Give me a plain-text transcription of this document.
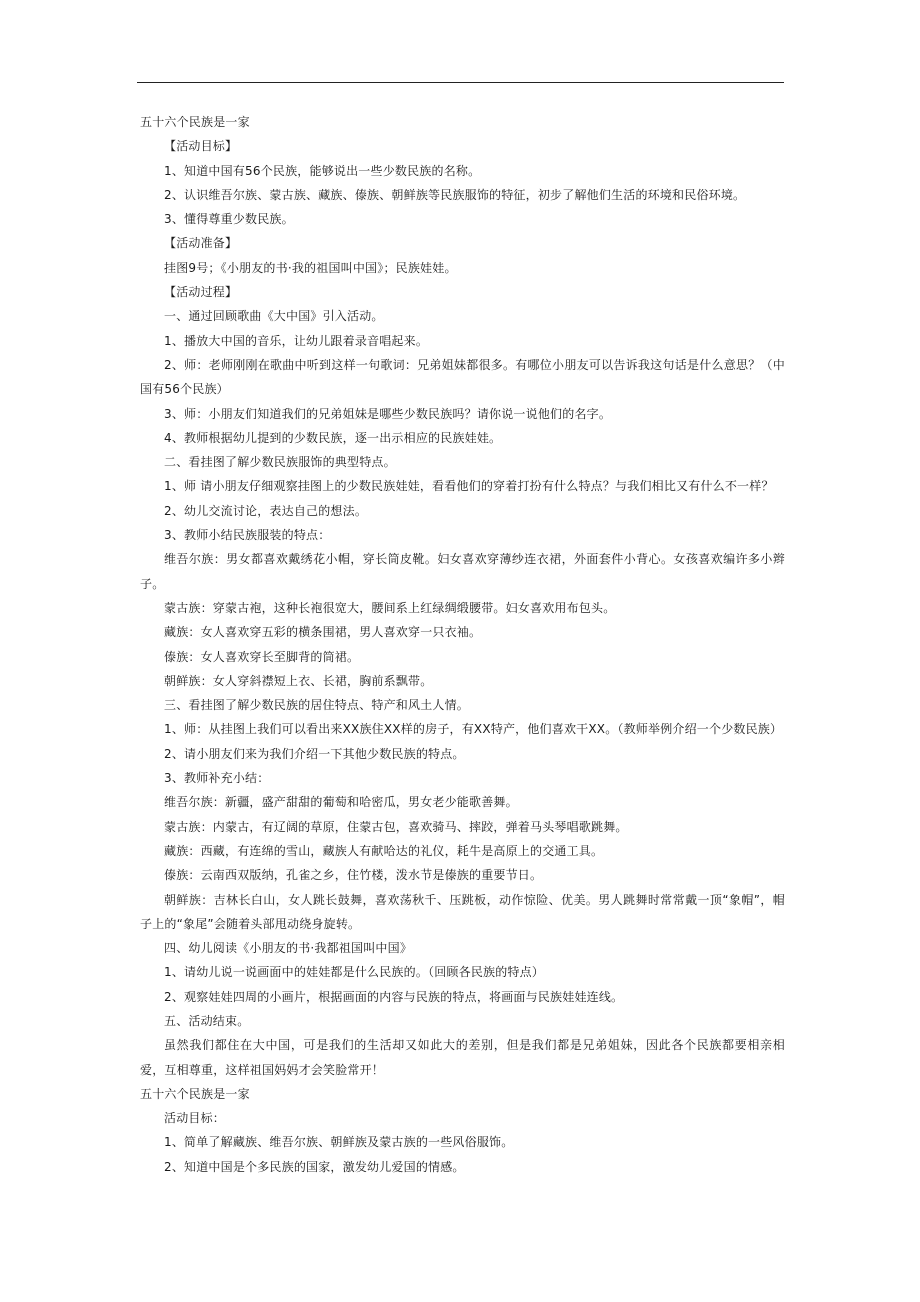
五十六个民族是一家
【活动目标】
1、知道中国有56个民族，能够说出一些少数民族的名称。
2、认识维吾尔族、蒙古族、藏族、傣族、朝鲜族等民族服饰的特征，初步了解他们生活的环境和民俗环境。
3、懂得尊重少数民族。
【活动准备】
挂图9号；《小朋友的书·我的祖国叫中国》；民族娃娃。
【活动过程】
一、通过回顾歌曲《大中国》引入活动。
1、播放大中国的音乐，让幼儿跟着录音唱起来。
2、师：老师刚刚在歌曲中听到这样一句歌词：兄弟姐妹都很多。有哪位小朋友可以告诉我这句话是什么意思？（中国有56个民族）
3、师：小朋友们知道我们的兄弟姐妹是哪些少数民族吗？请你说一说他们的名字。
4、教师根据幼儿提到的少数民族，逐一出示相应的民族娃娃。
二、看挂图了解少数民族服饰的典型特点。
1、师 请小朋友仔细观察挂图上的少数民族娃娃，看看他们的穿着打扮有什么特点？与我们相比又有什么不一样？
2、幼儿交流讨论，表达自己的想法。
3、教师小结民族服装的特点：
维吾尔族：男女都喜欢戴绣花小帽，穿长筒皮靴。妇女喜欢穿薄纱连衣裙，外面套件小背心。女孩喜欢编许多小辫子。
蒙古族：穿蒙古袍，这种长袍很宽大，腰间系上红绿绸缎腰带。妇女喜欢用布包头。
藏族：女人喜欢穿五彩的横条围裙，男人喜欢穿一只衣袖。
傣族：女人喜欢穿长至脚背的筒裙。
朝鲜族：女人穿斜襟短上衣、长裙，胸前系飘带。
三、看挂图了解少数民族的居住特点、特产和风土人情。
1、师：从挂图上我们可以看出来XX族住XX样的房子，有XX特产，他们喜欢干XX。（教师举例介绍一个少数民族）
2、请小朋友们来为我们介绍一下其他少数民族的特点。
3、教师补充小结：
维吾尔族：新疆，盛产甜甜的葡萄和哈密瓜，男女老少能歌善舞。
蒙古族：内蒙古，有辽阔的草原，住蒙古包，喜欢骑马、摔跤，弹着马头琴唱歌跳舞。
藏族：西藏，有连绵的雪山，藏族人有献哈达的礼仪，耗牛是高原上的交通工具。
傣族：云南西双版纳，孔雀之乡，住竹楼，泼水节是傣族的重要节日。
朝鲜族：吉林长白山，女人跳长鼓舞，喜欢荡秋千、压跳板，动作惊险、优美。男人跳舞时常常戴一顶“象帽”，帽子上的“象尾”会随着头部甩动绕身旋转。
四、幼儿阅读《小朋友的书·我都祖国叫中国》
1、请幼儿说一说画面中的娃娃都是什么民族的。（回顾各民族的特点）
2、观察娃娃四周的小画片，根据画面的内容与民族的特点，将画面与民族娃娃连线。
五、活动结束。
虽然我们都住在大中国，可是我们的生活却又如此大的差别，但是我们都是兄弟姐妹，因此各个民族都要相亲相爱，互相尊重，这样祖国妈妈才会笑脸常开！
五十六个民族是一家
活动目标：
1、简单了解藏族、维吾尔族、朝鲜族及蒙古族的一些风俗服饰。
2、知道中国是个多民族的国家，激发幼儿爱国的情感。
